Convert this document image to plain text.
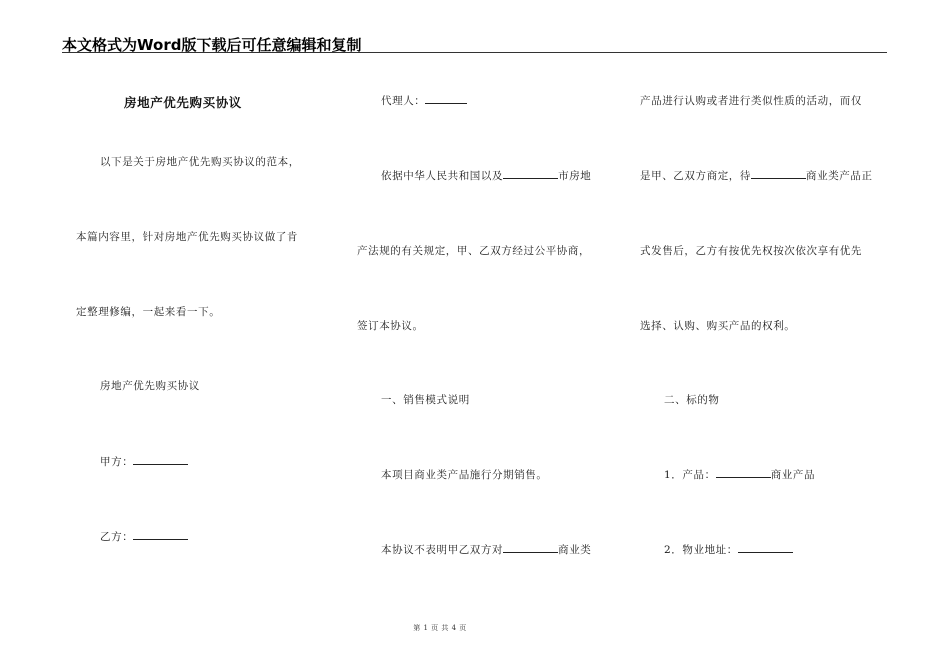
本文格式为Word版下载后可任意编辑和复制
房地产优先购买协议
以下是关于房地产优先购买协议的范本，
本篇内容里，针对房地产优先购买协议做了肯
定整理修编，一起来看一下。
房地产优先购买协议
甲方：
乙方：
代理人：
依据中华人民共和国以及	市房地
产法规的有关规定，甲、乙双方经过公平协商，
签订本协议。
一、销售模式说明
本项目商业类产品施行分期销售。
本协议不表明甲乙双方对	商业类
产品进行认购或者进行类似性质的活动，而仅
是甲、乙双方商定，待	商业类产品正
式发售后，乙方有按优先权按次依次享有优先
选择、认购、购买产品的权利。
二、标的物
1．产品：	商业产品
2．物业地址：
第 1 页 共 4 页
